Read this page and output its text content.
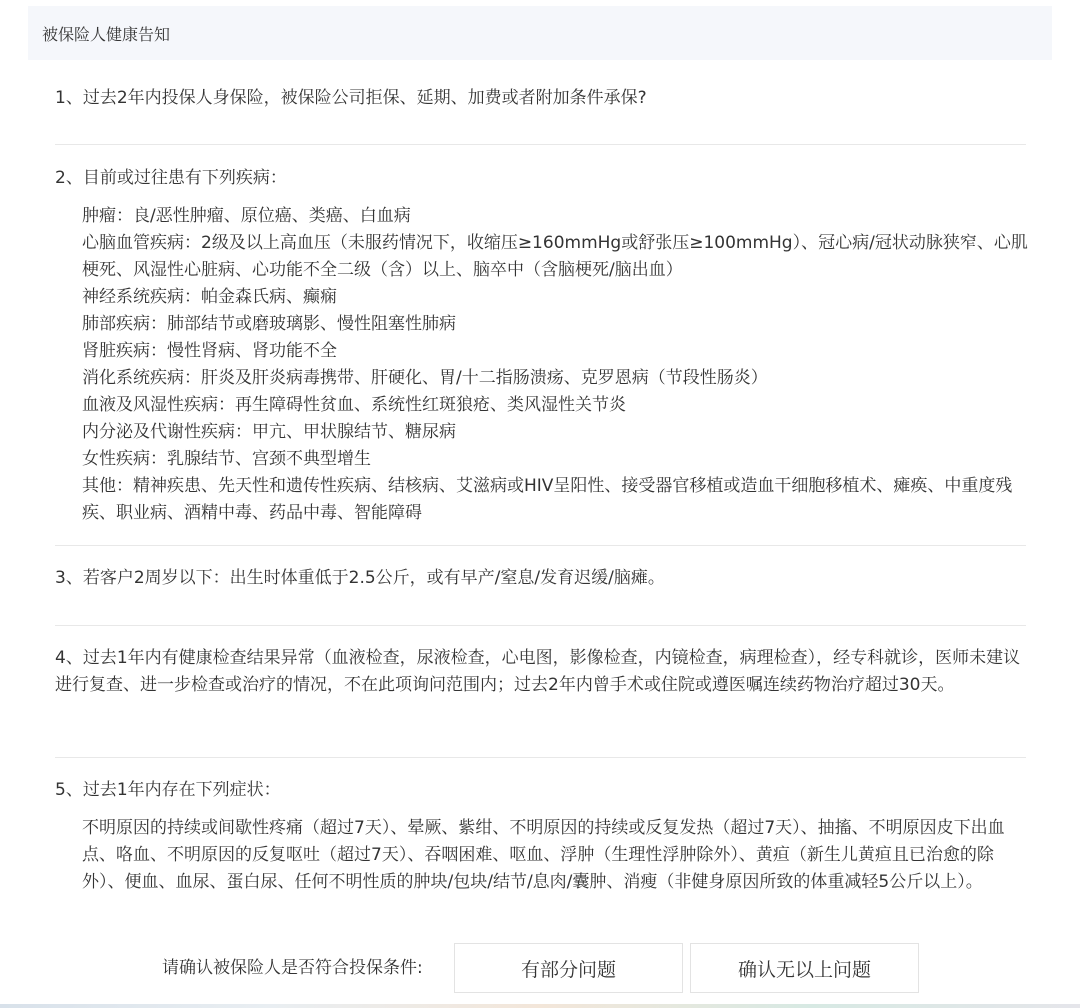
被保险人健康告知
1、过去2年内投保人身保险，被保险公司拒保、延期、加费或者附加条件承保?
2、目前或过往患有下列疾病：
肿瘤：良/恶性肿瘤、原位癌、类癌、白血病
心脑血管疾病：2级及以上高血压（未服药情况下，收缩压≥160mmHg或舒张压≥100mmHg）、冠心病/冠状动脉狭窄、心肌梗死、风湿性心脏病、心功能不全二级（含）以上、脑卒中（含脑梗死/脑出血）
神经系统疾病：帕金森氏病、癫痫
肺部疾病：肺部结节或磨玻璃影、慢性阻塞性肺病
肾脏疾病：慢性肾病、肾功能不全
消化系统疾病：肝炎及肝炎病毒携带、肝硬化、胃/十二指肠溃疡、克罗恩病（节段性肠炎）
血液及风湿性疾病：再生障碍性贫血、系统性红斑狼疮、类风湿性关节炎
内分泌及代谢性疾病：甲亢、甲状腺结节、糖尿病
女性疾病：乳腺结节、宫颈不典型增生
其他：精神疾患、先天性和遗传性疾病、结核病、艾滋病或HIV呈阳性、接受器官移植或造血干细胞移植术、瘫痪、中重度残疾、职业病、酒精中毒、药品中毒、智能障碍
3、若客户2周岁以下：出生时体重低于2.5公斤，或有早产/窒息/发育迟缓/脑瘫。
4、过去1年内有健康检查结果异常（血液检查，尿液检查，心电图，影像检查，内镜检查，病理检查），经专科就诊，医师未建议进行复查、进一步检查或治疗的情况，不在此项询问范围内；过去2年内曾手术或住院或遵医嘱连续药物治疗超过30天。
5、过去1年内存在下列症状：
不明原因的持续或间歇性疼痛（超过7天）、晕厥、紫绀、不明原因的持续或反复发热（超过7天）、抽搐、不明原因皮下出血点、咯血、不明原因的反复呕吐（超过7天）、吞咽困难、呕血、浮肿（生理性浮肿除外）、黄疸（新生儿黄疸且已治愈的除外）、便血、血尿、蛋白尿、任何不明性质的肿块/包块/结节/息肉/囊肿、消瘦（非健身原因所致的体重减轻5公斤以上）。
请确认被保险人是否符合投保条件:	有部分问题	确认无以上问题
